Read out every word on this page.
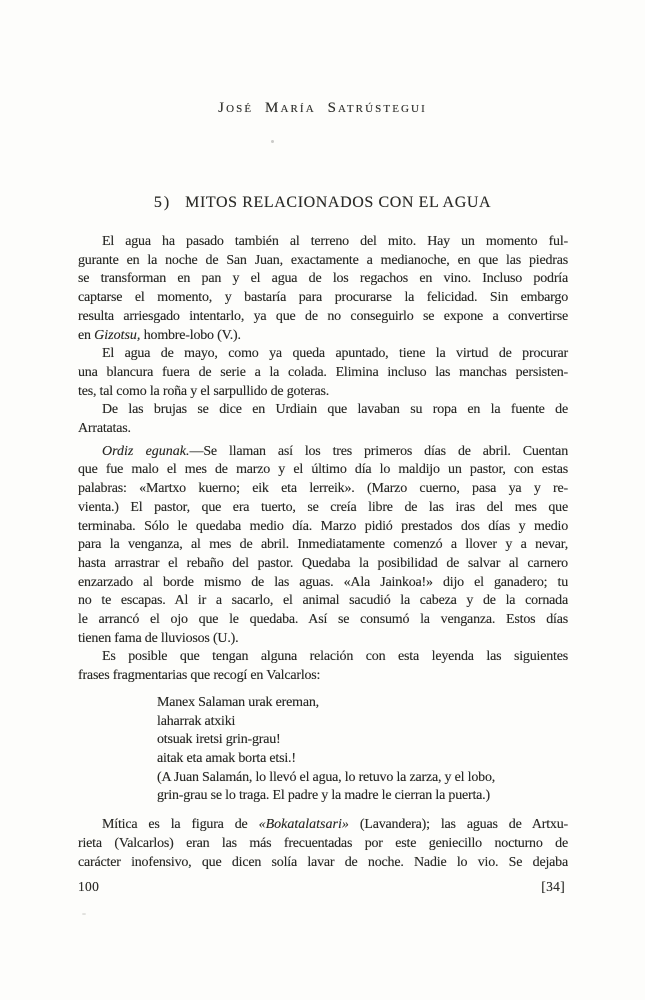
José María Satrústegui
5) MITOS RELACIONADOS CON EL AGUA
El agua ha pasado también al terreno del mito. Hay un momento ful-
gurante en la noche de San Juan, exactamente a medianoche, en que las piedras
se transforman en pan y el agua de los regachos en vino. Incluso podría
captarse el momento, y bastaría para procurarse la felicidad. Sin embargo
resulta arriesgado intentarlo, ya que de no conseguirlo se expone a convertirse
en Gizotsu, hombre-lobo (V.).
El agua de mayo, como ya queda apuntado, tiene la virtud de procurar
una blancura fuera de serie a la colada. Elimina incluso las manchas persisten-
tes, tal como la roña y el sarpullido de goteras.
De las brujas se dice en Urdiain que lavaban su ropa en la fuente de
Arratatas.
Ordiz egunak.—Se llaman así los tres primeros días de abril. Cuentan
que fue malo el mes de marzo y el último día lo maldijo un pastor, con estas
palabras: «Martxo kuerno; eik eta lerreik». (Marzo cuerno, pasa ya y re-
vienta.) El pastor, que era tuerto, se creía libre de las iras del mes que
terminaba. Sólo le quedaba medio día. Marzo pidió prestados dos días y medio
para la venganza, al mes de abril. Inmediatamente comenzó a llover y a nevar,
hasta arrastrar el rebaño del pastor. Quedaba la posibilidad de salvar al carnero
enzarzado al borde mismo de las aguas. «Ala Jainkoa!» dijo el ganadero; tu
no te escapas. Al ir a sacarlo, el animal sacudió la cabeza y de la cornada
le arrancó el ojo que le quedaba. Así se consumó la venganza. Estos días
tienen fama de lluviosos (U.).
Es posible que tengan alguna relación con esta leyenda las siguientes
frases fragmentarias que recogí en Valcarlos:
Manex Salaman urak ereman,
laharrak atxiki
otsuak iretsi grin-grau!
aitak eta amak borta etsi.!
(A Juan Salamán, lo llevó el agua, lo retuvo la zarza, y el lobo,
grin-grau se lo traga. El padre y la madre le cierran la puerta.)
Mítica es la figura de «Bokatalatsari» (Lavandera); las aguas de Artxu-
rieta (Valcarlos) eran las más frecuentadas por este geniecillo nocturno de
carácter inofensivo, que dicen solía lavar de noche. Nadie lo vio. Se dejaba
100	[34]
